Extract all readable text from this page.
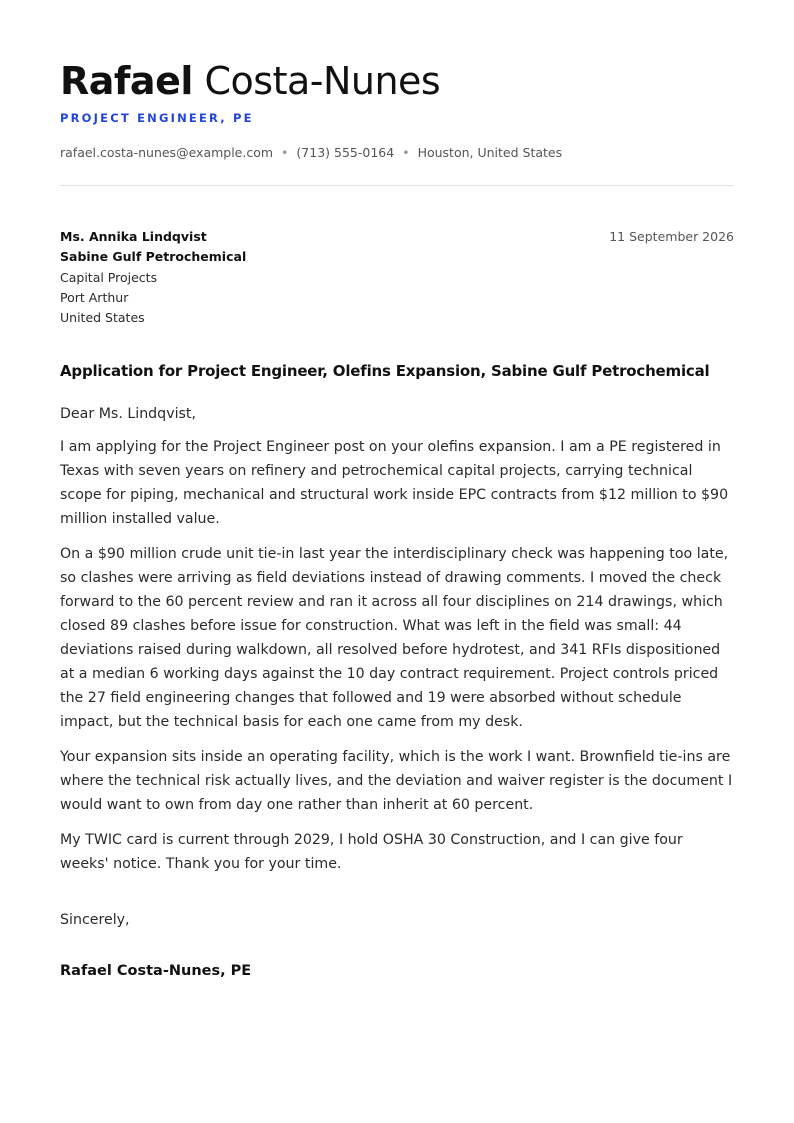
Rafael Costa-Nunes
PROJECT ENGINEER, PE
rafael.costa-nunes@example.com • (713) 555-0164 • Houston, United States
Ms. Annika Lindqvist
Sabine Gulf Petrochemical
Capital Projects
Port Arthur
United States
11 September 2026
Application for Project Engineer, Olefins Expansion, Sabine Gulf Petrochemical

Dear Ms. Lindqvist,

I am applying for the Project Engineer post on your olefins expansion. I am a PE registered in Texas with seven years on refinery and petrochemical capital projects, carrying technical scope for piping, mechanical and structural work inside EPC contracts from $12 million to $90 million installed value.

On a $90 million crude unit tie-in last year the interdisciplinary check was happening too late, so clashes were arriving as field deviations instead of drawing comments. I moved the check forward to the 60 percent review and ran it across all four disciplines on 214 drawings, which closed 89 clashes before issue for construction. What was left in the field was small: 44 deviations raised during walkdown, all resolved before hydrotest, and 341 RFIs dispositioned at a median 6 working days against the 10 day contract requirement. Project controls priced the 27 field engineering changes that followed and 19 were absorbed without schedule impact, but the technical basis for each one came from my desk.

Your expansion sits inside an operating facility, which is the work I want. Brownfield tie-ins are where the technical risk actually lives, and the deviation and waiver register is the document I would want to own from day one rather than inherit at 60 percent.

My TWIC card is current through 2029, I hold OSHA 30 Construction, and I can give four weeks' notice. Thank you for your time.

Sincerely,
Rafael Costa-Nunes, PE
